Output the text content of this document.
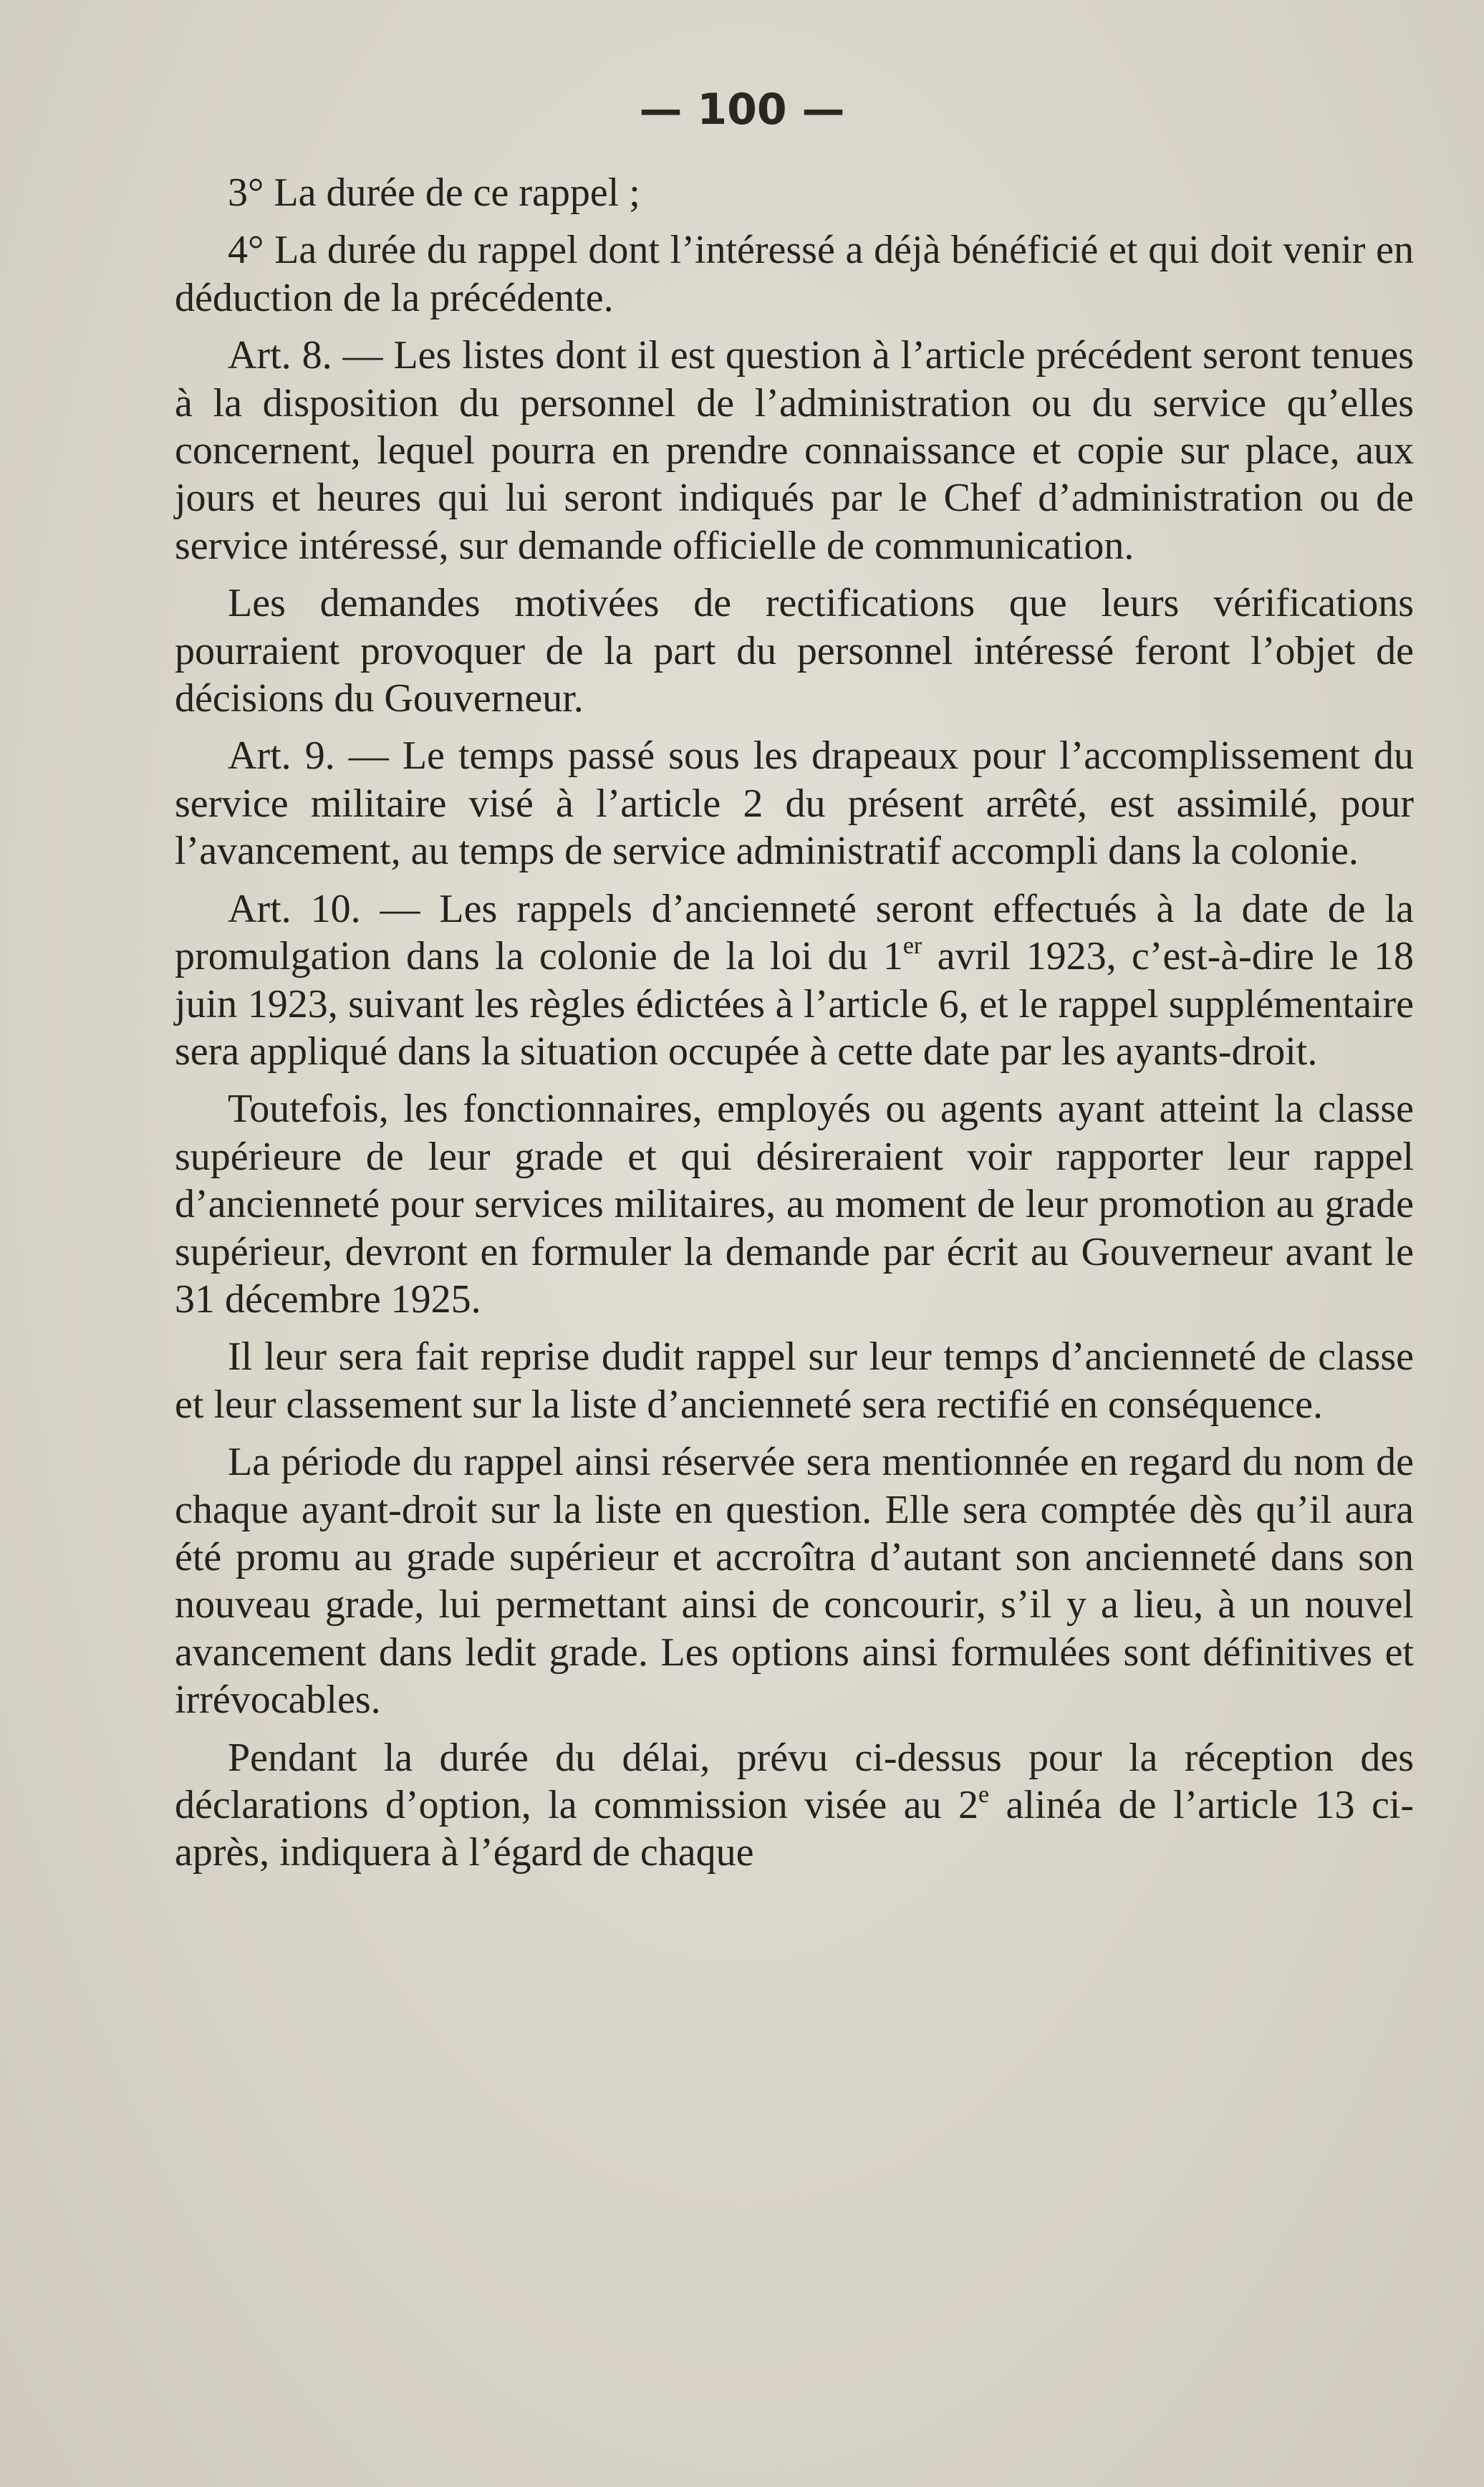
— 100 —

3° La durée de ce rappel ;

4° La durée du rappel dont l’intéressé a déjà bénéficié et qui doit venir en déduction de la précédente.

Art. 8. — Les listes dont il est question à l’article précédent seront tenues à la disposition du personnel de l’administration ou du service qu’elles concernent, lequel pourra en prendre connaissance et copie sur place, aux jours et heures qui lui seront indiqués par le Chef d’administration ou de service intéressé, sur demande officielle de communication.

Les demandes motivées de rectifications que leurs vérifications pourraient provoquer de la part du personnel intéressé feront l’objet de décisions du Gouverneur.

Art. 9. — Le temps passé sous les drapeaux pour l’accomplissement du service militaire visé à l’article 2 du présent arrêté, est assimilé, pour l’avancement, au temps de service administratif accompli dans la colonie.

Art. 10. — Les rappels d’ancienneté seront effectués à la date de la promulgation dans la colonie de la loi du 1er avril 1923, c’est-à-dire le 18 juin 1923, suivant les règles édictées à l’article 6, et le rappel supplémentaire sera appliqué dans la situation occupée à cette date par les ayants-droit.

Toutefois, les fonctionnaires, employés ou agents ayant atteint la classe supérieure de leur grade et qui désireraient voir rapporter leur rappel d’ancienneté pour services militaires, au moment de leur promotion au grade supérieur, devront en formuler la demande par écrit au Gouverneur avant le 31 décembre 1925.

Il leur sera fait reprise dudit rappel sur leur temps d’ancienneté de classe et leur classement sur la liste d’ancienneté sera rectifié en conséquence.

La période du rappel ainsi réservée sera mentionnée en regard du nom de chaque ayant-droit sur la liste en question. Elle sera comptée dès qu’il aura été promu au grade supérieur et accroîtra d’autant son ancienneté dans son nouveau grade, lui permettant ainsi de concourir, s’il y a lieu, à un nouvel avancement dans ledit grade. Les options ainsi formulées sont définitives et irrévocables.

Pendant la durée du délai, prévu ci-dessus pour la réception des déclarations d’option, la commission visée au 2e alinéa de l’article 13 ci-après, indiquera à l’égard de chaque
